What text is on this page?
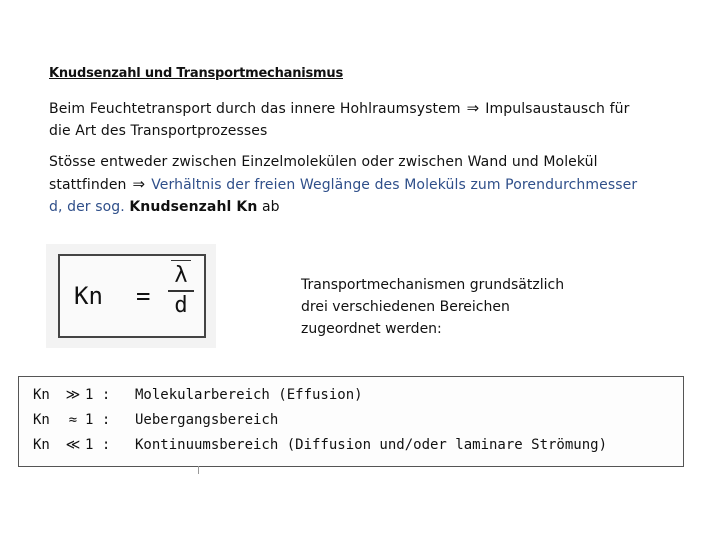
Knudsenzahl und Transportmechanismus
Beim Feuchtetransport durch das innere Hohlraumsystem ⇒ Impulsaustausch für
die Art des Transportprozesses
Stösse entweder zwischen Einzelmolekülen oder zwischen Wand und Molekül
stattfinden ⇒ Verhältnis der freien Weglänge des Moleküls zum Porendurchmesser
d, der sog. Knudsenzahl Kn ab
Kn =
λ
d
Transportmechanismen grundsätzlich
drei verschiedenen Bereichen
zugeordnet werden:
Kn ≫ 1 : Molekularbereich (Effusion)
Kn ≈ 1 : Uebergangsbereich
Kn ≪ 1 : Kontinuumsbereich (Diffusion und/oder laminare Strömung)
